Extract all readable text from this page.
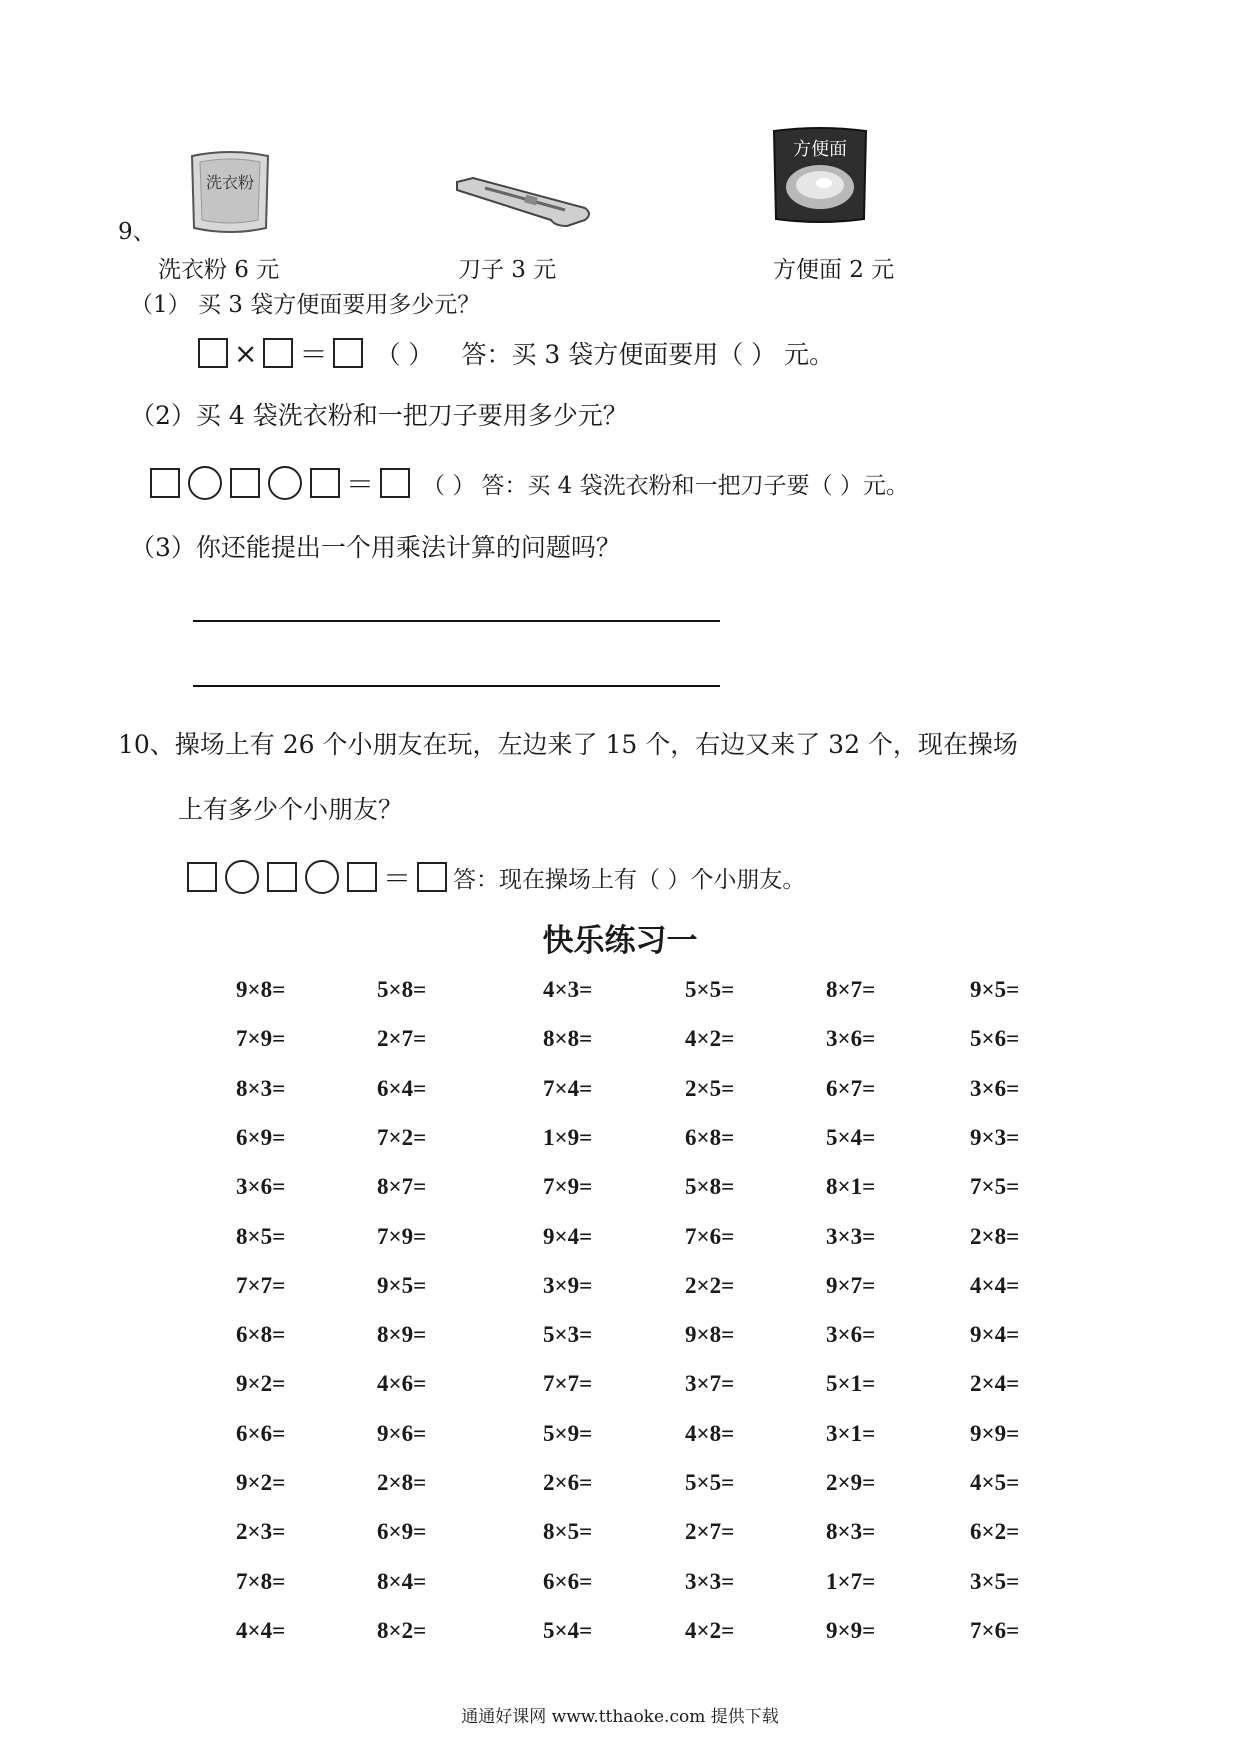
9、
洗衣粉
方便面
洗衣粉 6 元	刀子 3 元	方便面 2 元
（1） 买 3 袋方便面要用多少元？
× ＝ （ ） 答：买 3 袋方便面要用（ ） 元。
（2）买 4 袋洗衣粉和一把刀子要用多少元？
＝ （ ） 答：买 4 袋洗衣粉和一把刀子要（ ）元。
（3）你还能提出一个用乘法计算的问题吗？
10、操场上有 26 个小朋友在玩，左边来了 15 个，右边又来了 32 个，现在操场
上有多少个小朋友？
＝ 答：现在操场上有（ ）个小朋友。
快乐练习一
9×8=	5×8=	4×3=	5×5=	8×7=	9×5=
7×9=	2×7=	8×8=	4×2=	3×6=	5×6=
8×3=	6×4=	7×4=	2×5=	6×7=	3×6=
6×9=	7×2=	1×9=	6×8=	5×4=	9×3=
3×6=	8×7=	7×9=	5×8=	8×1=	7×5=
8×5=	7×9=	9×4=	7×6=	3×3=	2×8=
7×7=	9×5=	3×9=	2×2=	9×7=	4×4=
6×8=	8×9=	5×3=	9×8=	3×6=	9×4=
9×2=	4×6=	7×7=	3×7=	5×1=	2×4=
6×6=	9×6=	5×9=	4×8=	3×1=	9×9=
9×2=	2×8=	2×6=	5×5=	2×9=	4×5=
2×3=	6×9=	8×5=	2×7=	8×3=	6×2=
7×8=	8×4=	6×6=	3×3=	1×7=	3×5=
4×4=	8×2=	5×4=	4×2=	9×9=	7×6=
通通好课网 www.tthaoke.com 提供下载
